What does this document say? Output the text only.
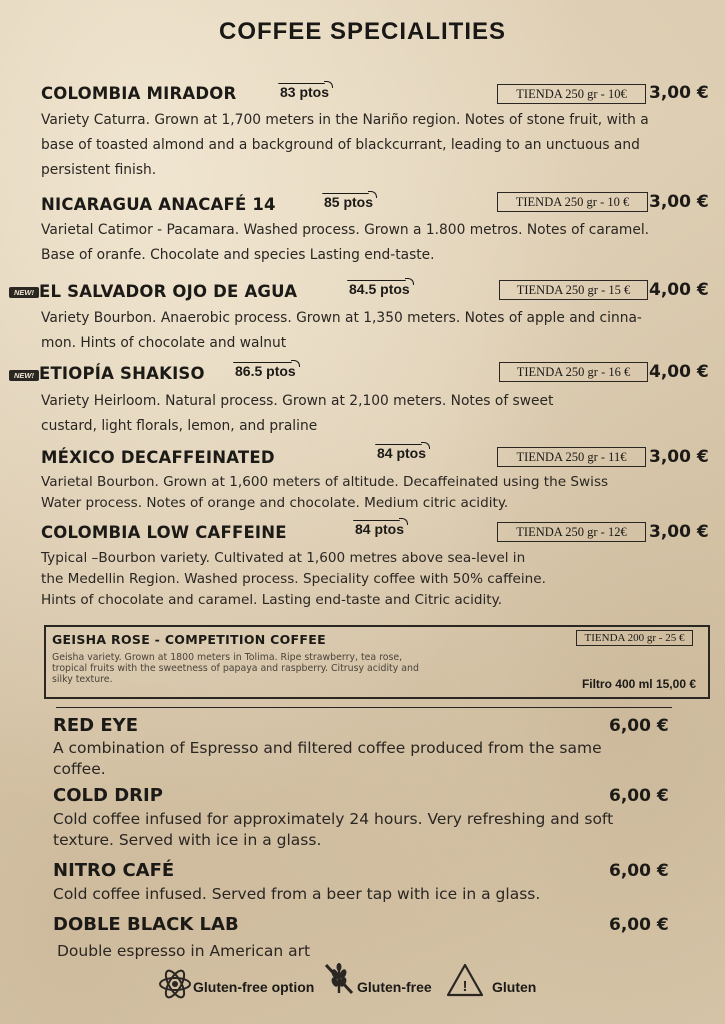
COFFEE SPECIALITIES
COLOMBIA MIRADOR	83 ptos	TIENDA 250 gr - 10€	3,00 €
Variety Caturra. Grown at 1,700 meters in the Nariño region. Notes of stone fruit, with a
base of toasted almond and a background of blackcurrant, leading to an unctuous and
persistent finish.
NICARAGUA ANACAFÉ 14	85 ptos	TIENDA 250 gr - 10 €	3,00 €
Varietal Catimor - Pacamara. Washed process. Grown a 1.800 metros. Notes of caramel.
Base of oranfe. Chocolate and species Lasting end-taste.
NEW! EL SALVADOR OJO DE AGUA	84.5 ptos	TIENDA 250 gr - 15 €	4,00 €
Variety Bourbon. Anaerobic process. Grown at 1,350 meters. Notes of apple and cinna-
mon. Hints of chocolate and walnut
NEW! ETIOPÍA SHAKISO 86.5 ptos	TIENDA 250 gr - 16 €	4,00 €
Variety Heirloom. Natural process. Grown at 2,100 meters. Notes of sweet
custard, light florals, lemon, and praline
MÉXICO DECAFFEINATED	84 ptos	TIENDA 250 gr - 11€	3,00 €
Varietal Bourbon. Grown at 1,600 meters of altitude. Decaffeinated using the Swiss
Water process. Notes of orange and chocolate. Medium citric acidity.
COLOMBIA LOW CAFFEINE	84 ptos	TIENDA 250 gr - 12€	3,00 €
Typical –Bourbon variety. Cultivated at 1,600 metres above sea-level in
the Medellin Region. Washed process. Speciality coffee with 50% caffeine.
Hints of chocolate and caramel. Lasting end-taste and Citric acidity.
GEISHA ROSE - COMPETITION COFFEE	TIENDA 200 gr - 25 €
Geisha variety. Grown at 1800 meters in Tolima. Ripe strawberry, tea rose,
tropical fruits with the sweetness of papaya and raspberry. Citrusy acidity and
silky texture.	Filtro 400 ml 15,00 €
RED EYE	6,00 €
A combination of Espresso and filtered coffee produced from the same
coffee.
COLD DRIP	6,00 €
Cold coffee infused for approximately 24 hours. Very refreshing and soft
texture. Served with ice in a glass.
NITRO CAFÉ	6,00 €
Cold coffee infused. Served from a beer tap with ice in a glass.
DOBLE BLACK LAB	6,00 €
Double espresso in American art
Gluten-free option	Gluten-free ! Gluten
